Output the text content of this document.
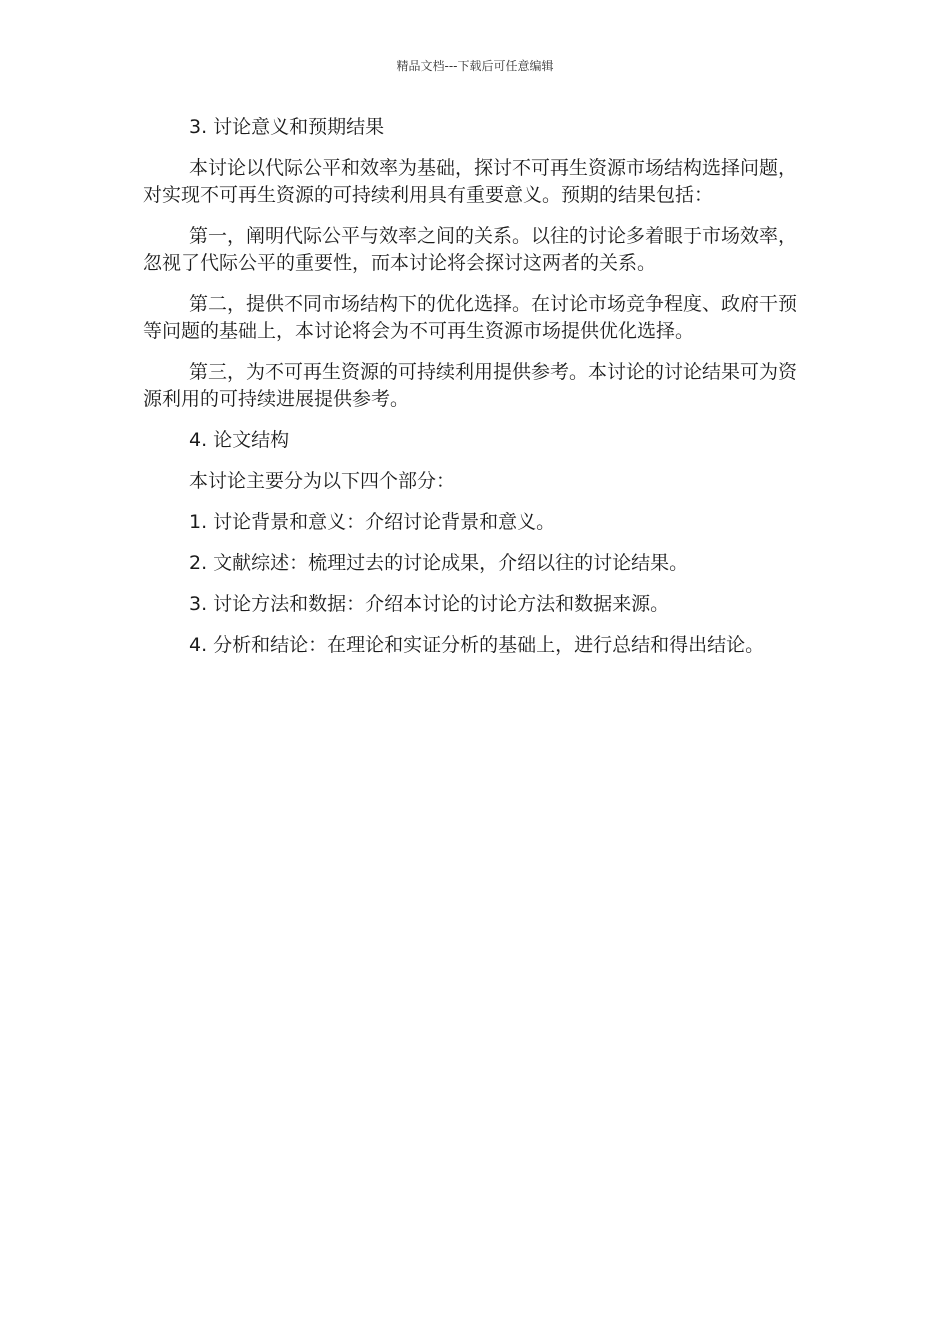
精品文档---下载后可任意编辑

3. 讨论意义和预期结果

本讨论以代际公平和效率为基础，探讨不可再生资源市场结构选择问题，对实现不可再生资源的可持续利用具有重要意义。预期的结果包括：

第一，阐明代际公平与效率之间的关系。以往的讨论多着眼于市场效率，忽视了代际公平的重要性，而本讨论将会探讨这两者的关系。

第二，提供不同市场结构下的优化选择。在讨论市场竞争程度、政府干预等问题的基础上，本讨论将会为不可再生资源市场提供优化选择。

第三，为不可再生资源的可持续利用提供参考。本讨论的讨论结果可为资源利用的可持续进展提供参考。

4. 论文结构

本讨论主要分为以下四个部分：

1. 讨论背景和意义：介绍讨论背景和意义。

2. 文献综述：梳理过去的讨论成果，介绍以往的讨论结果。

3. 讨论方法和数据：介绍本讨论的讨论方法和数据来源。

4. 分析和结论：在理论和实证分析的基础上，进行总结和得出结论。
